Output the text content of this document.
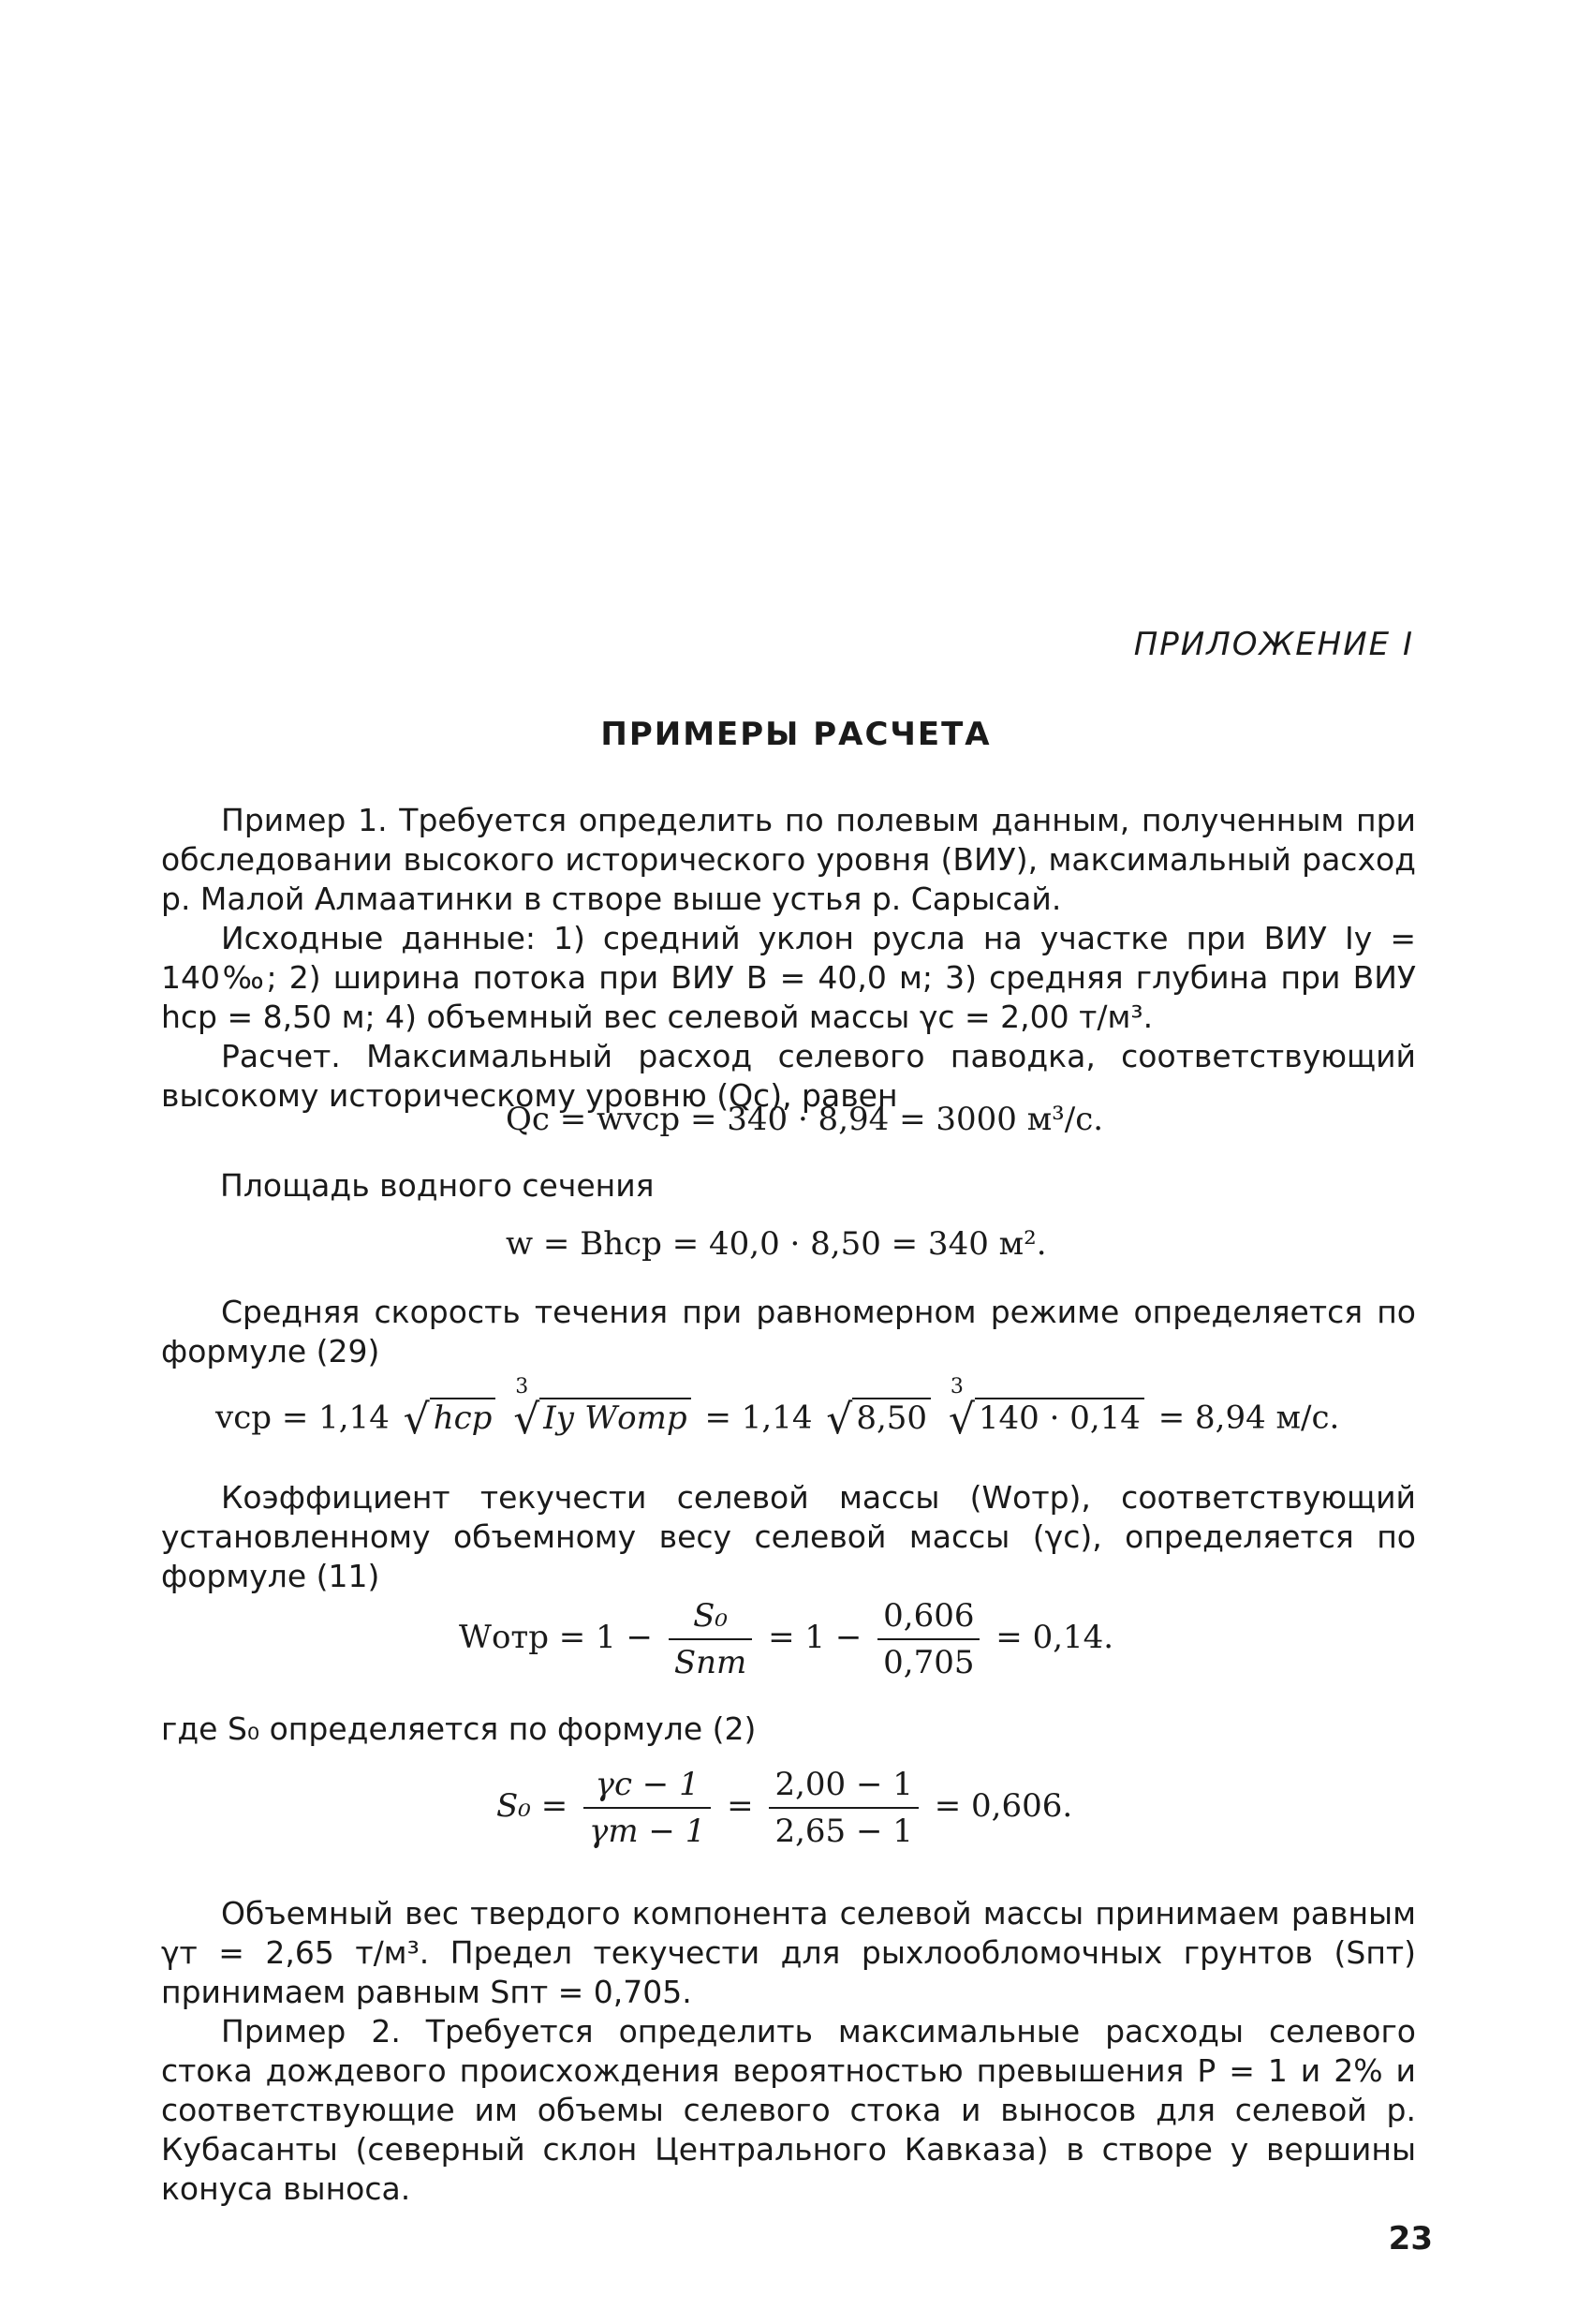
ПРИЛОЖЕНИЕ I
ПРИМЕРЫ РАСЧЕТА

Пример 1. Требуется определить по полевым данным, полученным при обследовании высокого исторического уровня (ВИУ), максимальный расход р. Малой Алмаатинки в створе выше устья р. Сарысай.

Исходные данные: 1) средний уклон русла на участке при ВИУ Iу = 140‰; 2) ширина потока при ВИУ B = 40,0 м; 3) средняя глубина при ВИУ hср = 8,50 м; 4) объемный вес селевой массы γс = 2,00 т/м³.

Расчет. Максимальный расход селевого паводка, соответствующий высокому историческому уровню (Qс), равен

Qс = wvср = 340 · 8,94 = 3000 м³/с.
Площадь водного сечения
w = Bhср = 40,0 · 8,50 = 340 м².

Средняя скорость течения при равномерном режиме определяется по формуле (29)

vср = 1,14 √ hср
3
√ Iу Wотр = 1,14 √ 8,50
3
√ 140 · 0,14 = 8,94 м/с.

Коэффициент текучести селевой массы (Wотр), соответствующий установленному объемному весу селевой массы (γс), определяется по формуле (11)

Wотр = $1 - \frac{\text{S₀}}{\text{Sпт}} = 1 - \frac{0,606}{0,705} = 0,14$.
где S₀ определяется по формуле (2)
$S_0 = \frac{\gamma с - 1}{\gamma т - 1} = \frac{2,00 - 1}{2,65 - 1} = 0,606$.

Объемный вес твердого компонента селевой массы принимаем равным γт = 2,65 т/м³. Предел текучести для рыхлообломочных грунтов (Sпт) принимаем равным Sпт = 0,705.

Пример 2. Требуется определить максимальные расходы селевого стока дождевого происхождения вероятностью превышения P = 1 и 2% и соответствующие им объемы селевого стока и выносов для селевой р. Кубасанты (северный склон Центрального Кавказа) в створе у вершины конуса выноса.

23
